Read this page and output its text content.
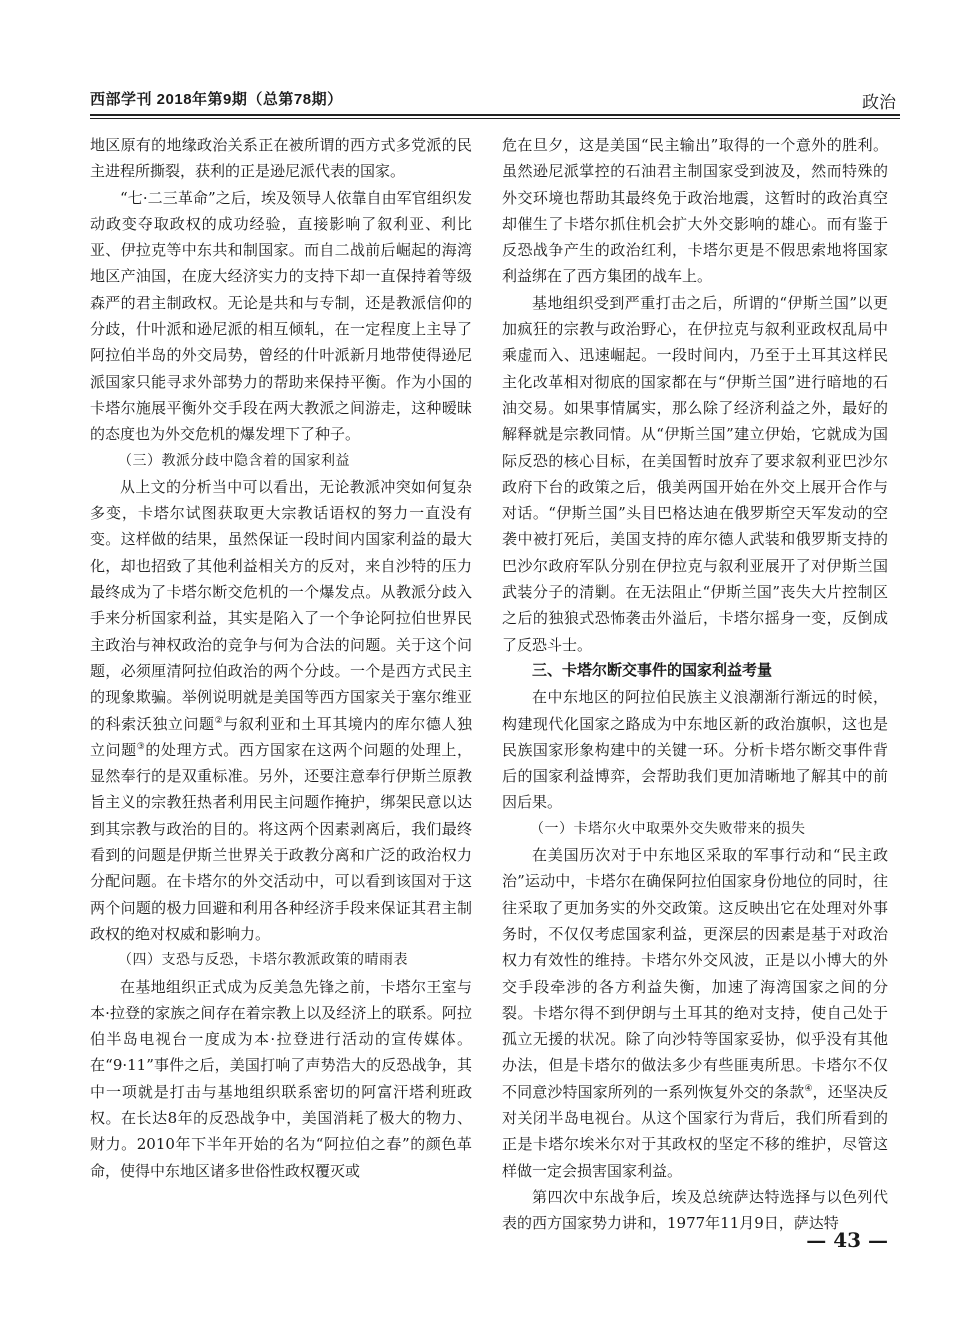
西部学刊 2018年第9期（总第78期）	政治

地区原有的地缘政治关系正在被所谓的西方式多党派的民主进程所撕裂，获利的正是逊尼派代表的国家。

“七·二三革命”之后，埃及领导人依靠自由军官组织发动政变夺取政权的成功经验，直接影响了叙利亚、利比亚、伊拉克等中东共和制国家。而自二战前后崛起的海湾地区产油国，在庞大经济实力的支持下却一直保持着等级森严的君主制政权。无论是共和与专制，还是教派信仰的分歧，什叶派和逊尼派的相互倾轧，在一定程度上主导了阿拉伯半岛的外交局势，曾经的什叶派新月地带使得逊尼派国家只能寻求外部势力的帮助来保持平衡。作为小国的卡塔尔施展平衡外交手段在两大教派之间游走，这种暧昧的态度也为外交危机的爆发埋下了种子。

（三）教派分歧中隐含着的国家利益

从上文的分析当中可以看出，无论教派冲突如何复杂多变，卡塔尔试图获取更大宗教话语权的努力一直没有变。这样做的结果，虽然保证一段时间内国家利益的最大化，却也招致了其他利益相关方的反对，来自沙特的压力最终成为了卡塔尔断交危机的一个爆发点。从教派分歧入手来分析国家利益，其实是陷入了一个争论阿拉伯世界民主政治与神权政治的竞争与何为合法的问题。关于这个问题，必须厘清阿拉伯政治的两个分歧。一个是西方式民主的现象欺骗。举例说明就是美国等西方国家关于塞尔维亚的科索沃独立问题②与叙利亚和土耳其境内的库尔德人独立问题③的处理方式。西方国家在这两个问题的处理上，显然奉行的是双重标准。另外，还要注意奉行伊斯兰原教旨主义的宗教狂热者利用民主问题作掩护，绑架民意以达到其宗教与政治的目的。将这两个因素剥离后，我们最终看到的问题是伊斯兰世界关于政教分离和广泛的政治权力分配问题。在卡塔尔的外交活动中，可以看到该国对于这两个问题的极力回避和利用各种经济手段来保证其君主制政权的绝对权威和影响力。

（四）支恐与反恐，卡塔尔教派政策的晴雨表

在基地组织正式成为反美急先锋之前，卡塔尔王室与本·拉登的家族之间存在着宗教上以及经济上的联系。阿拉伯半岛电视台一度成为本·拉登进行活动的宣传媒体。在“9·11”事件之后，美国打响了声势浩大的反恐战争，其中一项就是打击与基地组织联系密切的阿富汗塔利班政权。在长达8年的反恐战争中，美国消耗了极大的物力、财力。2010年下半年开始的名为“阿拉伯之春”的颜色革命，使得中东地区诸多世俗性政权覆灭或

危在旦夕，这是美国“民主输出”取得的一个意外的胜利。虽然逊尼派掌控的石油君主制国家受到波及，然而特殊的外交环境也帮助其最终免于政治地震，这暂时的政治真空却催生了卡塔尔抓住机会扩大外交影响的雄心。而有鉴于反恐战争产生的政治红利，卡塔尔更是不假思索地将国家利益绑在了西方集团的战车上。

基地组织受到严重打击之后，所谓的“伊斯兰国”以更加疯狂的宗教与政治野心，在伊拉克与叙利亚政权乱局中乘虚而入、迅速崛起。一段时间内，乃至于土耳其这样民主化改革相对彻底的国家都在与“伊斯兰国”进行暗地的石油交易。如果事情属实，那么除了经济利益之外，最好的解释就是宗教同情。从“伊斯兰国”建立伊始，它就成为国际反恐的核心目标，在美国暂时放弃了要求叙利亚巴沙尔政府下台的政策之后，俄美两国开始在外交上展开合作与对话。“伊斯兰国”头目巴格达迪在俄罗斯空天军发动的空袭中被打死后，美国支持的库尔德人武装和俄罗斯支持的巴沙尔政府军队分别在伊拉克与叙利亚展开了对伊斯兰国武装分子的清剿。在无法阻止“伊斯兰国”丧失大片控制区之后的独狼式恐怖袭击外溢后，卡塔尔摇身一变，反倒成了反恐斗士。

三、卡塔尔断交事件的国家利益考量

在中东地区的阿拉伯民族主义浪潮渐行渐远的时候，构建现代化国家之路成为中东地区新的政治旗帜，这也是民族国家形象构建中的关键一环。分析卡塔尔断交事件背后的国家利益博弈，会帮助我们更加清晰地了解其中的前因后果。

（一）卡塔尔火中取栗外交失败带来的损失

在美国历次对于中东地区采取的军事行动和“民主政治”运动中，卡塔尔在确保阿拉伯国家身份地位的同时，往往采取了更加务实的外交政策。这反映出它在处理对外事务时，不仅仅考虑国家利益，更深层的因素是基于对政治权力有效性的维持。卡塔尔外交风波，正是以小博大的外交手段牵涉的各方利益失衡，加速了海湾国家之间的分裂。卡塔尔得不到伊朗与土耳其的绝对支持，使自己处于孤立无援的状况。除了向沙特等国家妥协，似乎没有其他办法，但是卡塔尔的做法多少有些匪夷所思。卡塔尔不仅不同意沙特国家所列的一系列恢复外交的条款④，还坚决反对关闭半岛电视台。从这个国家行为背后，我们所看到的正是卡塔尔埃米尔对于其政权的坚定不移的维护，尽管这样做一定会损害国家利益。

第四次中东战争后，埃及总统萨达特选择与以色列代表的西方国家势力讲和，1977年11月9日，萨达特

— 43 —
